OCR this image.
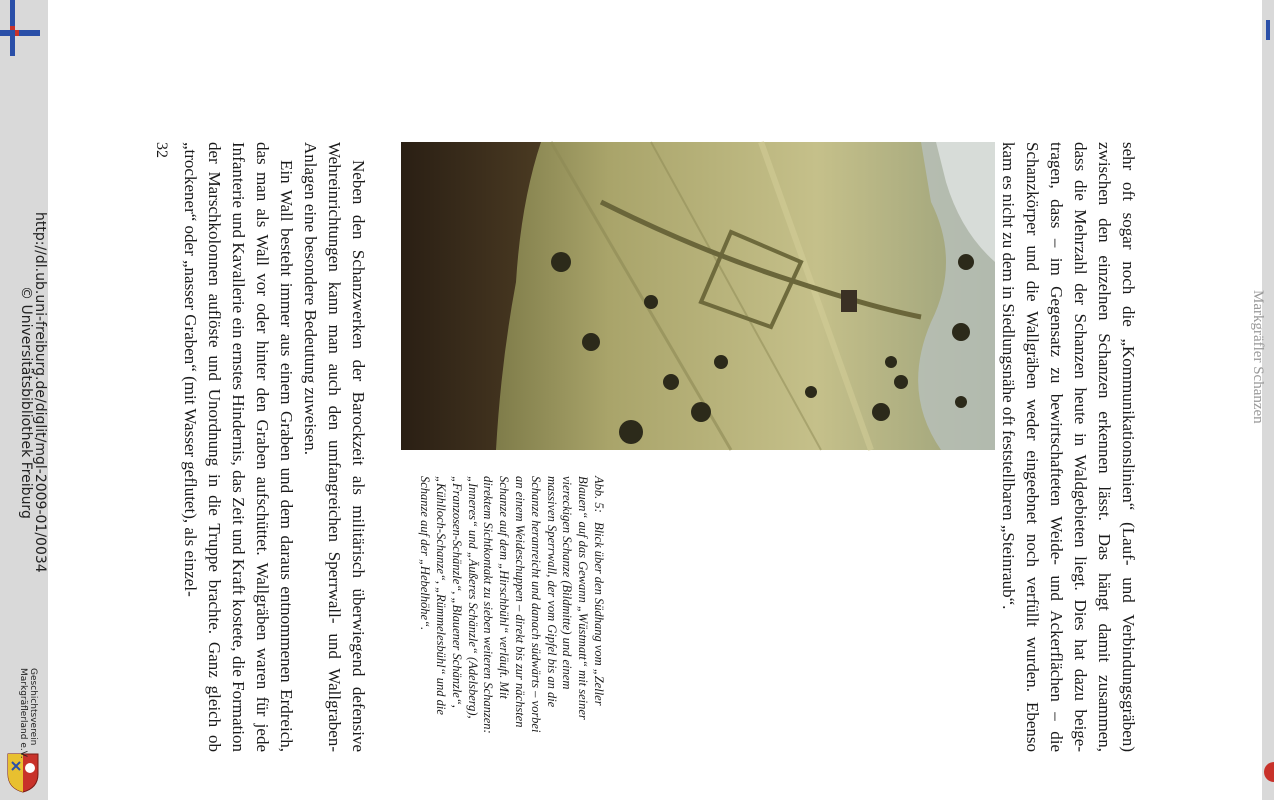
Markgräfler Schanzen

sehr oft sogar noch die „Kommunikationslinien“ (Lauf- und Verbindungsgräben)

zwischen den einzelnen Schanzen erkennen lässt. Das hängt damit zusammen,

dass die Mehrzahl der Schanzen heute in Waldgebieten liegt. Dies hat dazu beige-

tragen, dass – im Gegensatz zu bewirtschafteten Weide- und Ackerflächen – die

Schanzkörper und die Wallgräben weder eingeebnet noch verfüllt wurden. Ebenso

kam es nicht zu dem in Siedlungsnähe oft feststellbaren „Steinraub“.

Abb. 5: Blick über den Südhang vom „Zeller Blauen“ auf das Gewann „Wüstmatt“ mit seiner viereckigen Schanze (Bildmitte) und einem massiven Sperrwall, der vom Gipfel bis an die Schanze heranreicht und danach südwärts – vorbei an einem Weideschuppen – direkt bis zur nächsten Schanze auf dem „Hirschbühl“ verläuft. Mit direktem Sichtkontakt zu sieben weiteren Schanzen: „Inneres“ und „Äußeres Schänzle“ (Adelsberg), „Franzosen-Schänzle“, „Blauener Schänzle“, „Kühlloch-Schanze“, „Rümmelesbühl“ und die Schanze auf der „Hebelhöhe“.

Neben den Schanzwerken der Barockzeit als militärisch überwiegend defensive Wehreinrichtungen kann man auch den umfangreichen Sperrwall- und Wallgraben-Anlagen eine besondere Bedeutung zuweisen.

Ein Wall besteht immer aus einem Graben und dem daraus entnommenen Erdreich, das man als Wall vor oder hinter den Graben aufschüttet. Wallgräben waren für jede Infanterie und Kavallerie ein ernstes Hindernis, das Zeit und Kraft kostete, die Formation der Marschkolonnen auflöste und Unordnung in die Truppe brachte. Ganz gleich ob „trockener“ oder „nasser Graben“ (mit Wasser geflutet), als einzel-

32
http://dl.ub.uni-freiburg.de/diglit/mgl-2009-01/0034
© Universitätsbibliothek Freiburg
Geschichtsverein
Markgräflerland e.V.
